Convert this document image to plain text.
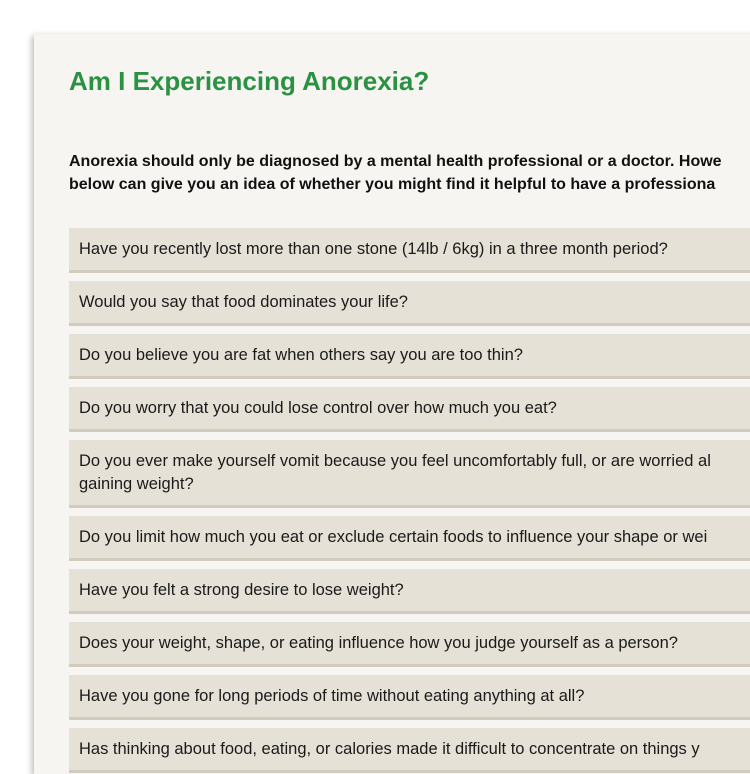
Am I Experiencing Anorexia?

Anorexia should only be diagnosed by a mental health professional or a doctor. Howe
below can give you an idea of whether you might find it helpful to have a professiona

Have you recently lost more than one stone (14lb / 6kg) in a three month period?
Would you say that food dominates your life?
Do you believe you are fat when others say you are too thin?
Do you worry that you could lose control over how much you eat?
Do you ever make yourself vomit because you feel uncomfortably full, or are worried al
gaining weight?
Do you limit how much you eat or exclude certain foods to influence your shape or wei
Have you felt a strong desire to lose weight?
Does your weight, shape, or eating influence how you judge yourself as a person?
Have you gone for long periods of time without eating anything at all?
Has thinking about food, eating, or calories made it difficult to concentrate on things y
